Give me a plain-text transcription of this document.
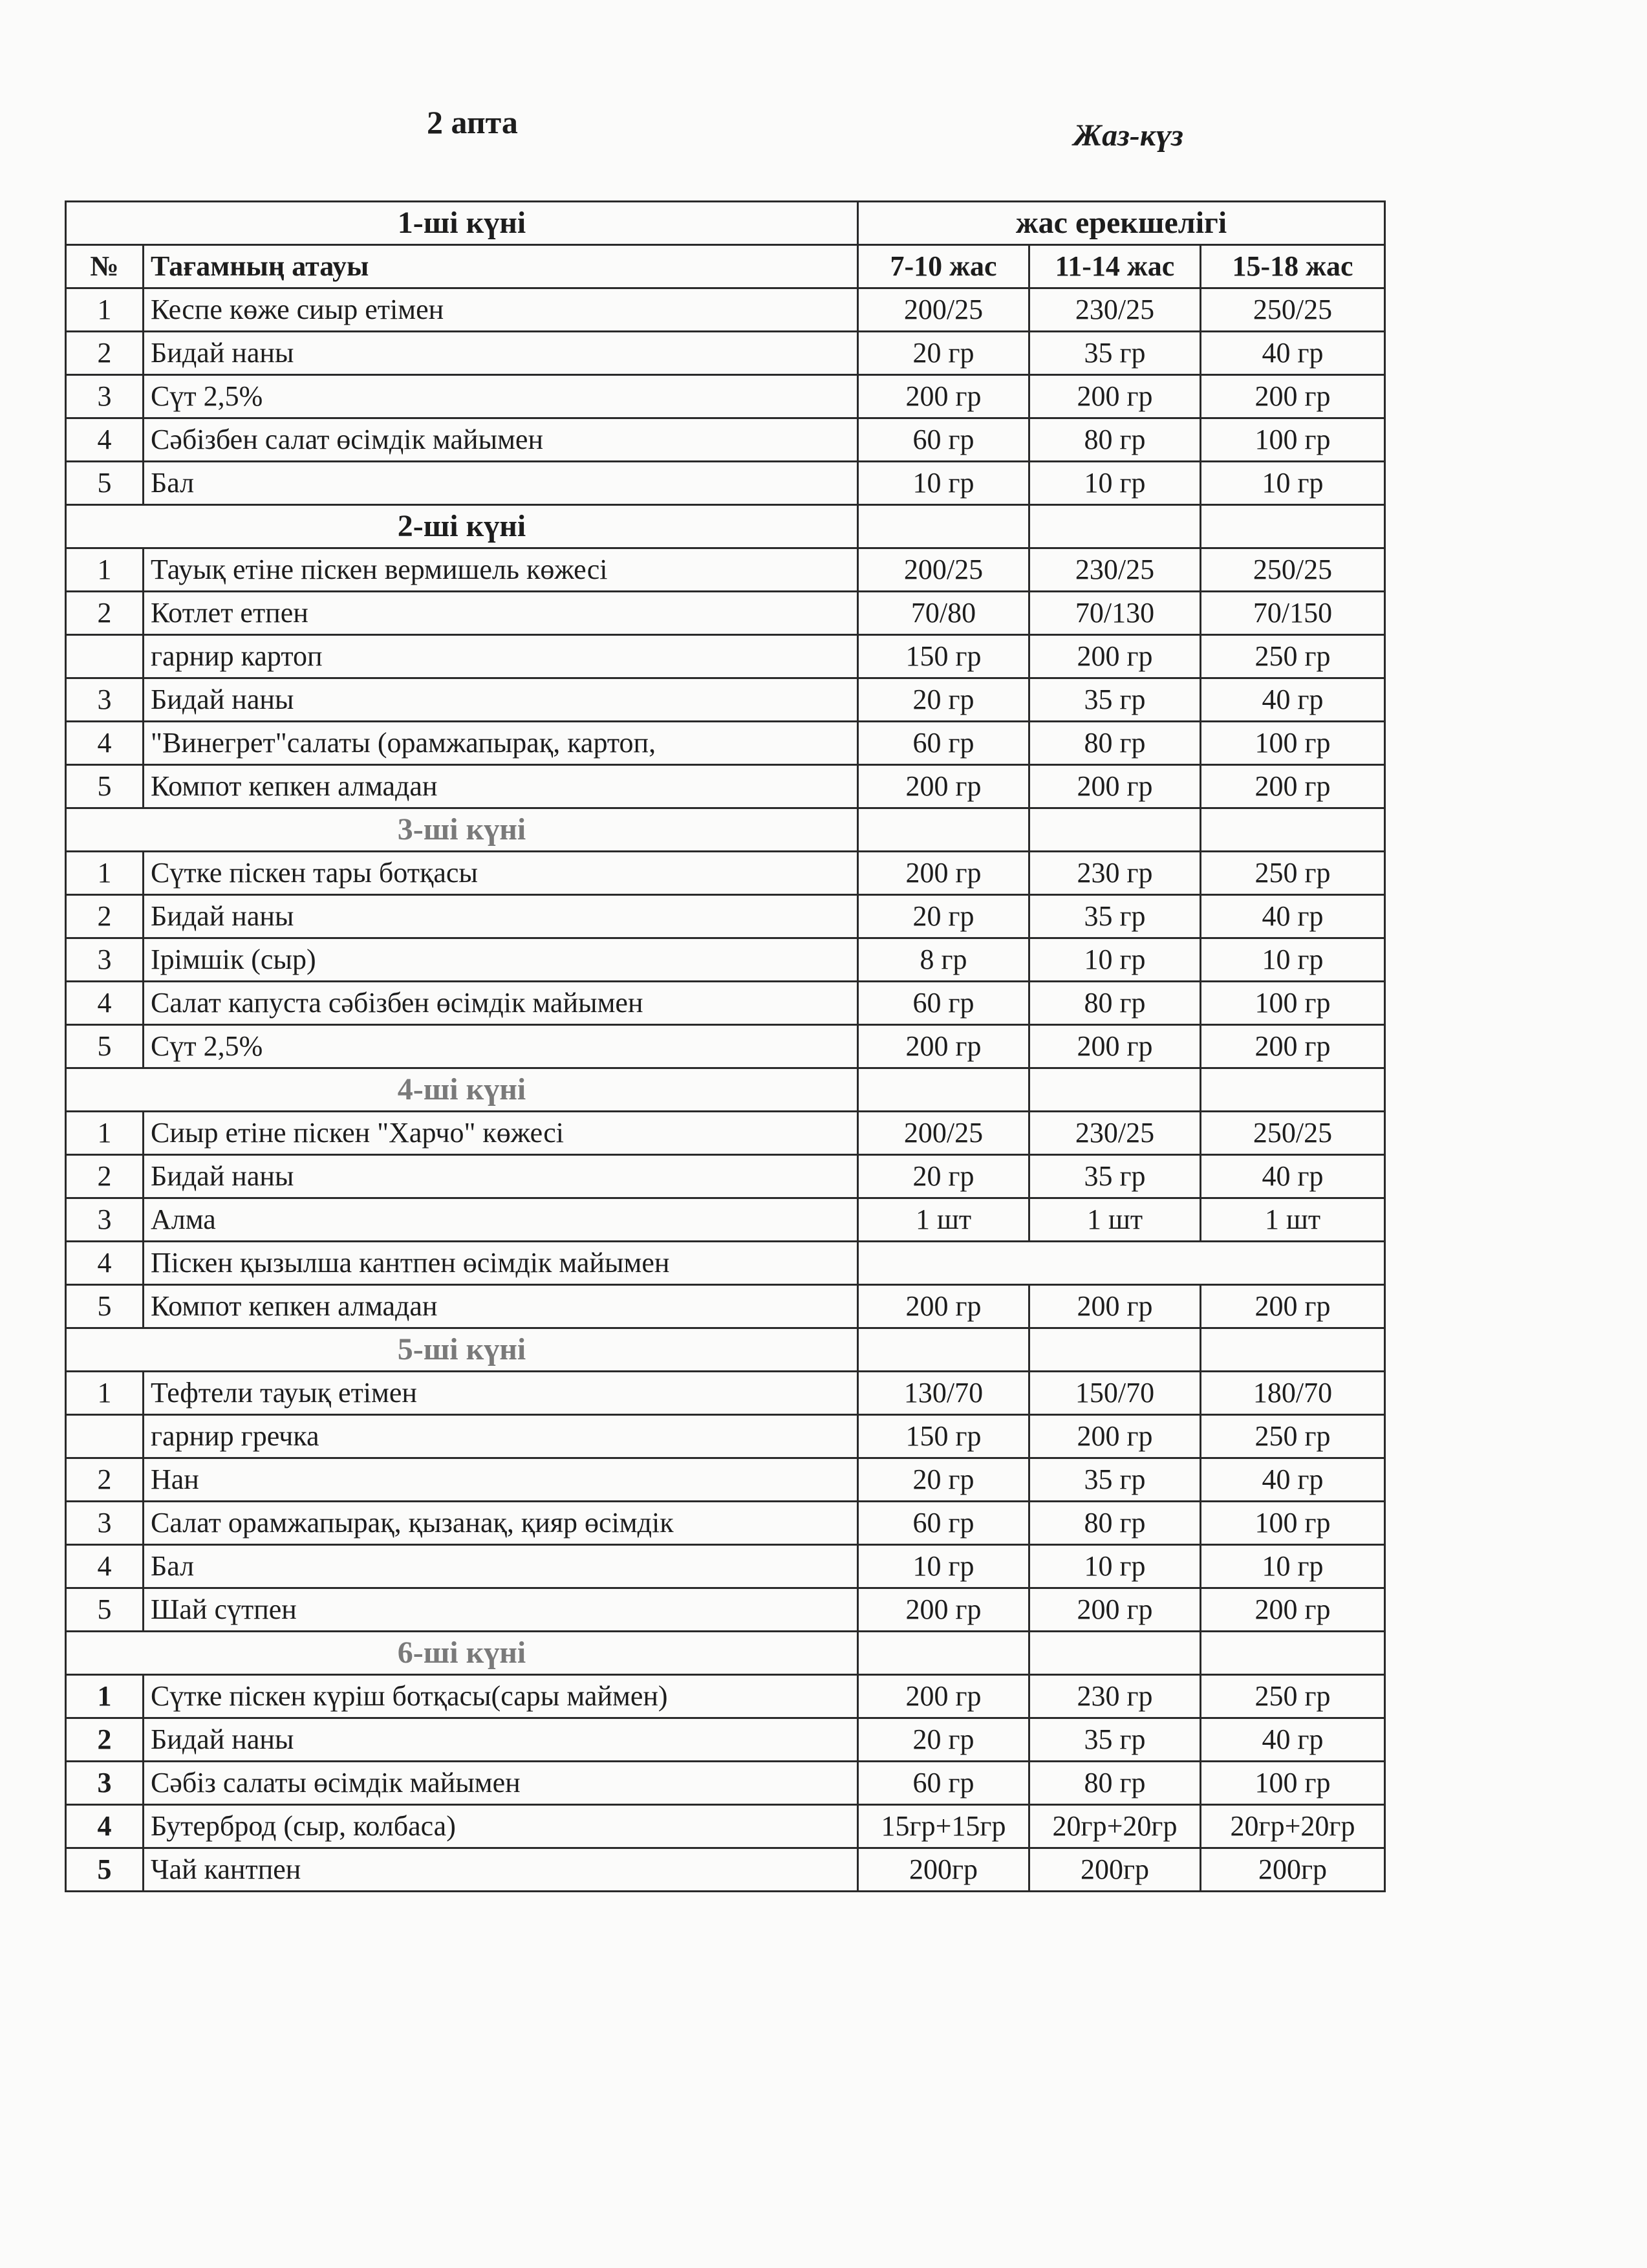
2 апта	Жаз-күз
1-ші күні		жас ерекшелігі		
№	Тағамның атауы	7-10 жас	11-14 жас	15-18 жас
1	Кеспе көже сиыр етімен	200/25	230/25	250/25
2	Бидай наны	20 гр	35 гр	40 гр
3	Сүт 2,5%	200 гр	200 гр	200 гр
4	Сәбізбен салат өсімдік майымен	60 гр	80 гр	100 гр
5	Бал	10 гр	10 гр	10 гр
2-ші күні				
1	Тауық етіне піскен вермишель көжесі	200/25	230/25	250/25
2	Котлет етпен	70/80	70/130	70/150
	гарнир картоп	150 гр	200 гр	250 гр
3	Бидай наны	20 гр	35 гр	40 гр
4	"Винегрет"салаты (орамжапырақ, картоп,	60 гр	80 гр	100 гр
5	Компот кепкен алмадан	200 гр	200 гр	200 гр
3-ші күні				
1	Сүтке піскен тары ботқасы	200 гр	230 гр	250 гр
2	Бидай наны	20 гр	35 гр	40 гр
3	Ірімшік (сыр)	8 гр	10 гр	10 гр
4	Салат капуста сәбізбен өсімдік майымен	60 гр	80 гр	100 гр
5	Сүт 2,5%	200 гр	200 гр	200 гр
4-ші күні				
1	Сиыр етіне піскен "Харчо" көжесі	200/25	230/25	250/25
2	Бидай наны	20 гр	35 гр	40 гр
3	Алма	1 шт	1 шт	1 шт
4	Піскен қызылша кантпен өсімдік майымен			
5	Компот кепкен алмадан	200 гр	200 гр	200 гр
5-ші күні				
1	Тефтели тауық етімен	130/70	150/70	180/70
	гарнир гречка	150 гр	200 гр	250 гр
2	Нан	20 гр	35 гр	40 гр
3	Салат орамжапырақ, қызанақ, қияр өсімдік	60 гр	80 гр	100 гр
4	Бал	10 гр	10 гр	10 гр
5	Шай сүтпен	200 гр	200 гр	200 гр
6-ші күні				
1	Сүтке піскен күріш ботқасы(сары маймен)	200 гр	230 гр	250 гр
2	Бидай наны	20 гр	35 гр	40 гр
3	Сәбіз салаты өсімдік майымен	60 гр	80 гр	100 гр
4	Бутерброд (сыр, колбаса)	15гр+15гр	20гр+20гр	20гр+20гр
5	Чай кантпен	200гр	200гр	200гр
